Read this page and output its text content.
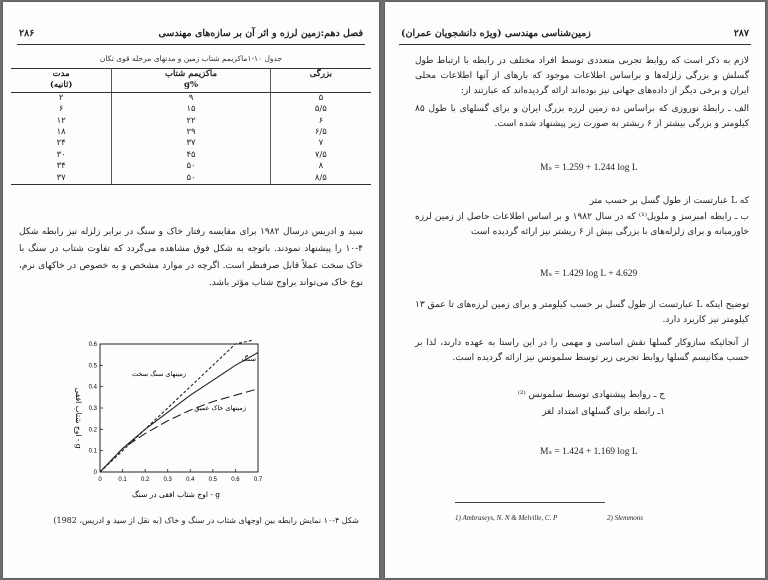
۲۸۶	فصل دهم:زمین لرزه و اثر آن بر سازه‌های مهندسی
جدول ۱۰-۱ماکزیمم شتاب زمین و مدتهای مرحله قوی تکان
بزرگی	ماکزیمم شتاب	مدت
	%g	(ثانیه)
۵	۹	۲
۵/۵	۱۵	۶
۶	۲۲	۱۲
۶/۵	۲۹	۱۸
۷	۳۷	۲۴
۷/۵	۴۵	۳۰
۸	۵۰	۳۴
۸/۵	۵۰	۳۷
سید و ادریس درسال ۱۹۸۲ برای مقایسه رفتار خاک و سنگ در برابر زلزله نیز رابطه شکل ۴-۱۰ را پیشنهاد نمودند. باتوجه به شکل فوق مشاهده می‌گردد که تفاوت شتاب در سنگ با خاک سخت عملاً قابل صرفنظر است. اگرچه در موارد مشخص و به خصوص در خاکهای نرم، نوع خاک می‌تواند براوج شتاب مؤثر باشد.
0	0.1 0.2 0.3 0.4 0.5 0.6 0.7
0
0.1
0.2
0.3
0.4
0.5
0.6
سنگ
زمینهای سنگ سخت
زمینهای خاک عمیق
اوج شتاب افقی - g
اوج شتاب افقی در سنگ - g
شکل ۴-۱۰ نمایش رابطه بین اوجهای شتاب در سنگ و خاک (به نقل از سید و ادریس، 1982)
۲۸۷
زمین‌شناسی مهندسی (ویژه دانشجویان عمران)
لازم به ذکر است که روابط تجربی متعددی توسط افراد مختلف در رابطه با ارتباط طول گسلش و بزرگی زلزله‌ها و براساس اطلاعات موجود که بارهای از آنها اطلاعات محلی ایران و برخی دیگر از داده‌های جهانی نیز بوده‌اند ارائه گردیده‌اند که عبارتند از:
الف ـ رابطهٔ نوروزی که براساس ده زمین لرزه بزرگ ایران و برای گسلهای با طول ۸۵ کیلومتر و بزرگی بیشتر از ۶ ریشتر به صورت زیر پیشنهاد شده است.
Mₛ = 1.259 + 1.244 log L
که L عبارتست از طول گسل بر حسب متر
ب ـ رابطه امبرسز و ملویل⁽¹⁾ که در سال ۱۹۸۲ و بر اساس اطلاعات حاصل از زمین لرزه خاورمیانه و برای زلزله‌های با بزرگی بیش از ۶ ریشتر نیز ارائه گردیده است
Mₛ = 1.429 log L + 4.629
توضیح اینکه L عبارتست از طول گسل بر حسب کیلومتر و برای زمین لرزه‌های تا عمق ۱۳ کیلومتر نیز کاربرد دارد.
از آنجائیکه سازوکار گسلها نقش اساسی و مهمی را در این راستا به عهده دارند، لذا بر حسب مکانیسم گسلها روابط تجربی زیر توسط سلمونس نیز ارائه گردیده است.
ج ـ روابط پیشنهادی توسط سلمونس ⁽²⁾
۱ـ رابطه برای گسلهای امتداد لغز
Mₛ = 1.424 + 1.169 log L
1) Ambraseys, N. N & Melville, C. P	2) Slemmons
